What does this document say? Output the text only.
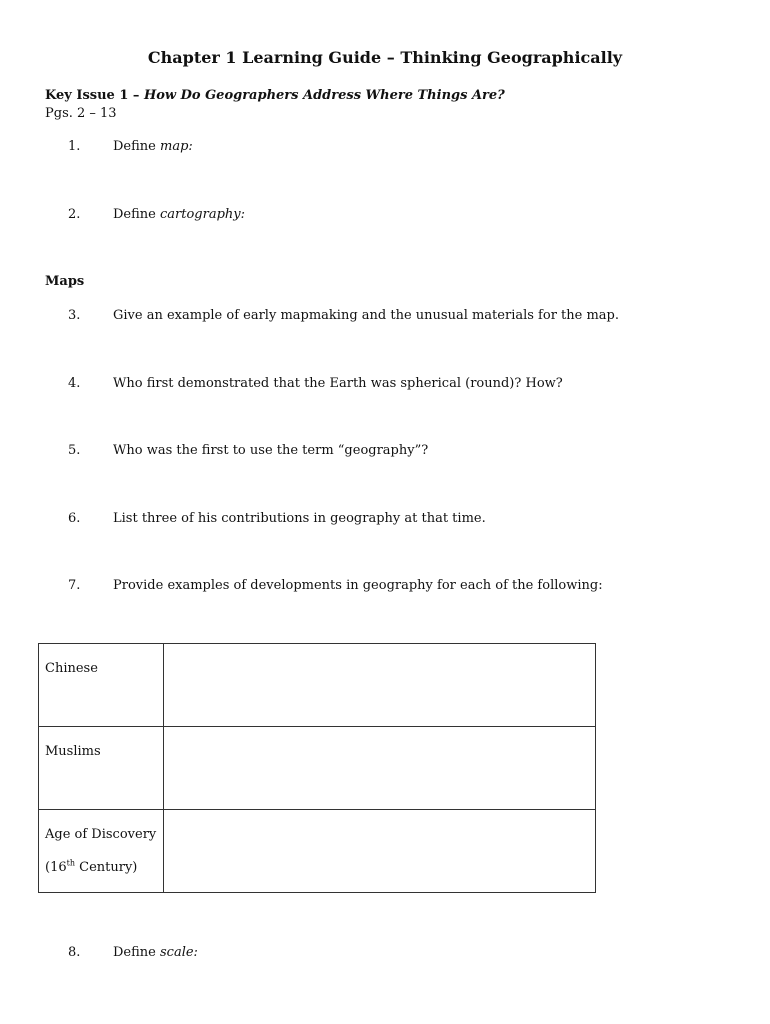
Chapter 1 Learning Guide – Thinking Geographically
Key Issue 1 – How Do Geographers Address Where Things Are?
Pgs. 2 – 13
1.	Define map:
2.	Define cartography:
Maps
3.	Give an example of early mapmaking and the unusual materials for the map.
4.	Who first demonstrated that the Earth was spherical (round)? How?
5.	Who was the first to use the term “geography”?
6.	List three of his contributions in geography at that time.
7.	Provide examples of developments in geography for each of the following:
Chinese	
Muslims	
Age of Discovery
(16th Century)	

8.	Define scale:
